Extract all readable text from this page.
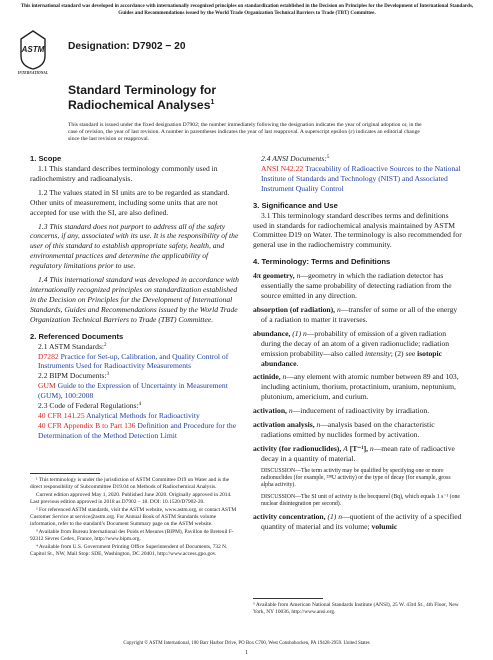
This international standard was developed in accordance with internationally recognized principles on standardization established in the Decision on Principles for the Development of International Standards, Guides and Recommendations issued by the World Trade Organization Technical Barriers to Trade (TBT) Committee.
ASTM
INTERNATIONAL
Designation: D7902 − 20
Standard Terminology for
Radiochemical Analyses$^1$
This standard is issued under the fixed designation D7902; the number immediately following the designation indicates the year of original adoption or, in the case of revision, the year of last revision. A number in parentheses indicates the year of last reapproval. A superscript epsilon (ε) indicates an editorial change since the last revision or reapproval.
1. Scope

1.1 This standard describes terminology commonly used in radiochemistry and radioanalysis.

1.2 The values stated in SI units are to be regarded as standard. Other units of measurement, including some units that are not accepted for use with the SI, are also defined.

1.3 This standard does not purport to address all of the safety concerns, if any, associated with its use. It is the responsibility of the user of this standard to establish appropriate safety, health, and environmental practices and determine the applicability of regulatory limitations prior to use.

1.4 This international standard was developed in accordance with internationally recognized principles on standardization established in the Decision on Principles for the Development of International Standards, Guides and Recommendations issued by the World Trade Organization Technical Barriers to Trade (TBT) Committee.

2. Referenced Documents

2.1 ASTM Standards:$^2$

D7282 Practice for Set-up, Calibration, and Quality Control of Instruments Used for Radioactivity Measurements

2.2 BIPM Documents:$^3$

GUM Guide to the Expression of Uncertainty in Measurement (GUM), 100:2008

2.3 Code of Federal Regulations:$^4$

40 CFR 141.25 Analytical Methods for Radioactivity

40 CFR Appendix B to Part 136 Definition and Procedure for the Determination of the Method Detection Limit

¹ This terminology is under the jurisdiction of ASTM Committee D19 on Water and is the direct responsibility of Subcommittee D19.04 on Methods of Radiochemical Analysis.

Current edition approved May 1, 2020. Published June 2020. Originally approved in 2014. Last previous edition approved in 2018 as D7902 – 18. DOI: 10.1520/D7902-20.

² For referenced ASTM standards, visit the ASTM website, www.astm.org, or contact ASTM Customer Service at service@astm.org. For Annual Book of ASTM Standards volume information, refer to the standard’s Document Summary page on the ASTM website.

³ Available from Bureau International des Poids et Mesures (BIPM), Pavillon de Breteuil F-92312 Sèvres Cedex, France, http://www.bipm.org.

⁴ Available from U.S. Government Printing Office Superintendent of Documents, 732 N. Capitol St., NW, Mail Stop: SDE, Washington, DC 20401, http://www.access.gpo.gov.

2.4 ANSI Documents:$^5$

ANSI N42.22 Traceability of Radioactive Sources to the National Institute of Standards and Technology (NIST) and Associated Instrument Quality Control

3. Significance and Use

3.1 This terminology standard describes terms and definitions used in standards for radiochemical analysis maintained by ASTM Committee D19 on Water. The terminology is also recommended for general use in the radiochemistry community.

4. Terminology: Terms and Definitions

4π geometry, n—geometry in which the radiation detector has essentially the same probability of detecting radiation from the source emitted in any direction.

absorption (of radiation), n—transfer of some or all of the energy of a radiation to matter it traverses.

abundance, (1) n—probability of emission of a given radiation during the decay of an atom of a given radionuclide; radiation emission probability—also called intensity; (2) see isotopic abundance.

actinide, n—any element with atomic number between 89 and 103, including actinium, thorium, protactinium, uranium, neptunium, plutonium, americium, and curium.

activation, n—inducement of radioactivity by irradiation.

activation analysis, n—analysis based on the characteristic radiations emitted by nuclides formed by activation.

activity (for radionuclides), A [T⁻¹], n—mean rate of radioactive decay in a quantity of material.

DISCUSSION—The term activity may be qualified by specifying one or more radionuclides (for example, ²³⁸U activity) or the type of decay (for example, gross alpha activity).

DISCUSSION—The SI unit of activity is the becquerel (Bq), which equals 1 s⁻¹ (one nuclear disintegration per second).

activity concentration, (1) n—quotient of the activity of a specified quantity of material and its volume; volumic

⁵ Available from American National Standards Institute (ANSI), 25 W. 43rd St., 4th Floor, New York, NY 10036, http://www.ansi.org.

Copyright © ASTM International, 100 Barr Harbor Drive, PO Box C700, West Conshohocken, PA 19428-2959. United States
1
